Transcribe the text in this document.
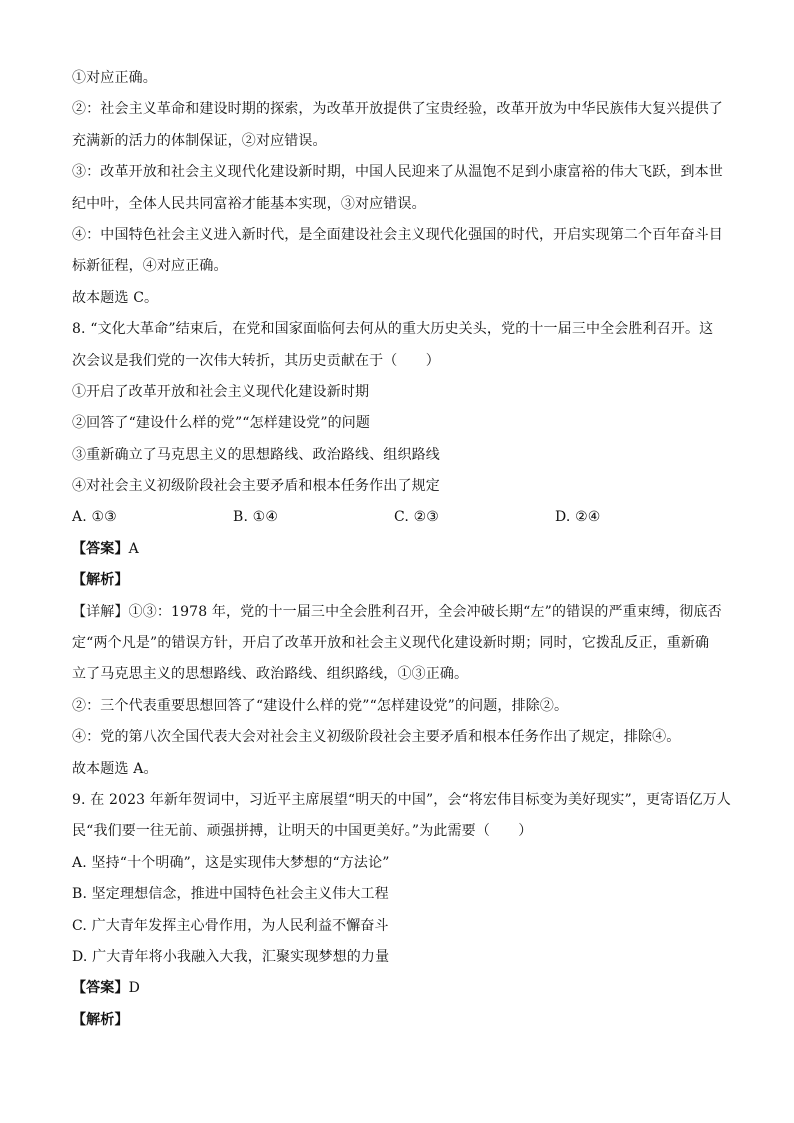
①对应正确。
②：社会主义革命和建设时期的探索，为改革开放提供了宝贵经验，改革开放为中华民族伟大复兴提供了
充满新的活力的体制保证，②对应错误。
③：改革开放和社会主义现代化建设新时期，中国人民迎来了从温饱不足到小康富裕的伟大飞跃，到本世
纪中叶，全体人民共同富裕才能基本实现，③对应错误。
④：中国特色社会主义进入新时代，是全面建设社会主义现代化强国的时代，开启实现第二个百年奋斗目
标新征程，④对应正确。
故本题选 C。
8. “文化大革命”结束后，在党和国家面临何去何从的重大历史关头，党的十一届三中全会胜利召开。这
次会议是我们党的一次伟大转折，其历史贡献在于（　　）
①开启了改革开放和社会主义现代化建设新时期
②回答了“建设什么样的党”“怎样建设党”的问题
③重新确立了马克思主义的思想路线、政治路线、组织路线
④对社会主义初级阶段社会主要矛盾和根本任务作出了规定
A. ①③	B. ①④	C. ②③	D. ②④
【答案】A
【解析】
【详解】①③：1978 年，党的十一届三中全会胜利召开，全会冲破长期“左”的错误的严重束缚，彻底否
定“两个凡是”的错误方针，开启了改革开放和社会主义现代化建设新时期；同时，它拨乱反正，重新确
立了马克思主义的思想路线、政治路线、组织路线，①③正确。
②：三个代表重要思想回答了“建设什么样的党”“怎样建设党”的问题，排除②。
④：党的第八次全国代表大会对社会主义初级阶段社会主要矛盾和根本任务作出了规定，排除④。
故本题选 A。
9. 在 2023 年新年贺词中，习近平主席展望“明天的中国”，会“将宏伟目标变为美好现实”，更寄语亿万人
民“我们要一往无前、顽强拼搏，让明天的中国更美好。”为此需要（　　）
A. 坚持“十个明确”，这是实现伟大梦想的“方法论”
B. 坚定理想信念，推进中国特色社会主义伟大工程
C. 广大青年发挥主心骨作用，为人民利益不懈奋斗
D. 广大青年将小我融入大我，汇聚实现梦想的力量
【答案】D
【解析】
